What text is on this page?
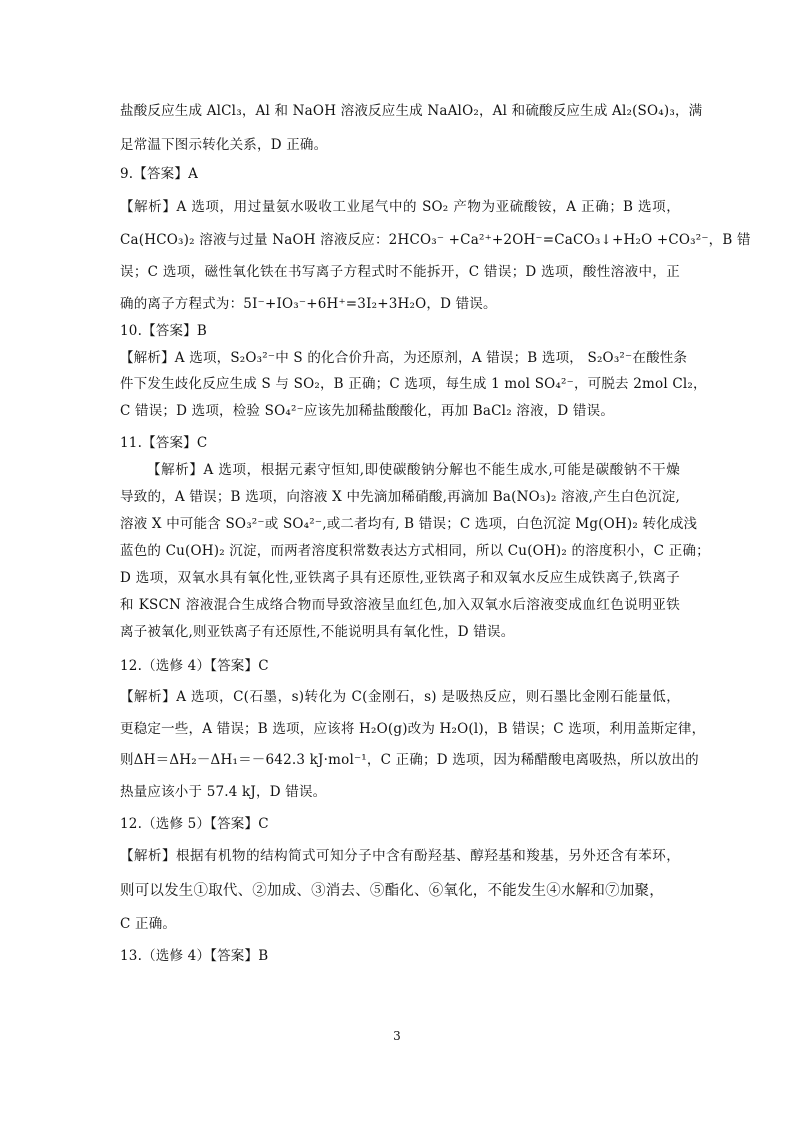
盐酸反应生成 AlCl₃，Al 和 NaOH 溶液反应生成 NaAlO₂，Al 和硫酸反应生成 Al₂(SO₄)₃，满
足常温下图示转化关系，D 正确。
9.【答案】A
【解析】A 选项，用过量氨水吸收工业尾气中的 SO₂ 产物为亚硫酸铵，A 正确；B 选项，
Ca(HCO₃)₂ 溶液与过量 NaOH 溶液反应：2HCO₃⁻ +Ca²⁺+2OH⁻=CaCO₃↓+H₂O +CO₃²⁻，B 错
误；C 选项，磁性氧化铁在书写离子方程式时不能拆开，C 错误；D 选项，酸性溶液中，正
确的离子方程式为：5I⁻+IO₃⁻+6H⁺=3I₂+3H₂O，D 错误。
10.【答案】B
【解析】A 选项，S₂O₃²⁻中 S 的化合价升高，为还原剂，A 错误；B 选项， S₂O₃²⁻在酸性条
件下发生歧化反应生成 S 与 SO₂，B 正确；C 选项，每生成 1 mol SO₄²⁻，可脱去 2mol Cl₂，
C 错误；D 选项，检验 SO₄²⁻应该先加稀盐酸酸化，再加 BaCl₂ 溶液，D 错误。
11.【答案】C
【解析】A 选项，根据元素守恒知,即使碳酸钠分解也不能生成水,可能是碳酸钠不干燥
导致的，A 错误；B 选项，向溶液 X 中先滴加稀硝酸,再滴加 Ba(NO₃)₂ 溶液,产生白色沉淀,
溶液 X 中可能含 SO₃²⁻或 SO₄²⁻,或二者均有, B 错误；C 选项，白色沉淀 Mg(OH)₂ 转化成浅
蓝色的 Cu(OH)₂ 沉淀，而两者溶度积常数表达方式相同，所以 Cu(OH)₂ 的溶度积小，C 正确；
D 选项，双氧水具有氧化性,亚铁离子具有还原性,亚铁离子和双氧水反应生成铁离子,铁离子
和 KSCN 溶液混合生成络合物而导致溶液呈血红色,加入双氧水后溶液变成血红色说明亚铁
离子被氧化,则亚铁离子有还原性,不能说明具有氧化性，D 错误。
12.（选修 4）【答案】C
【解析】A 选项，C(石墨，s)转化为 C(金刚石，s) 是吸热反应，则石墨比金刚石能量低，
更稳定一些，A 错误；B 选项，应该将 H₂O(g)改为 H₂O(l)，B 错误；C 选项，利用盖斯定律，
则ΔH＝ΔH₂－ΔH₁＝－642.3 kJ·mol⁻¹，C 正确；D 选项，因为稀醋酸电离吸热，所以放出的
热量应该小于 57.4 kJ，D 错误。
12.（选修 5）【答案】C
【解析】根据有机物的结构简式可知分子中含有酚羟基、醇羟基和羧基，另外还含有苯环，
则可以发生①取代、②加成、③消去、⑤酯化、⑥氧化，不能发生④水解和⑦加聚，
C 正确。
13.（选修 4）【答案】B
3
